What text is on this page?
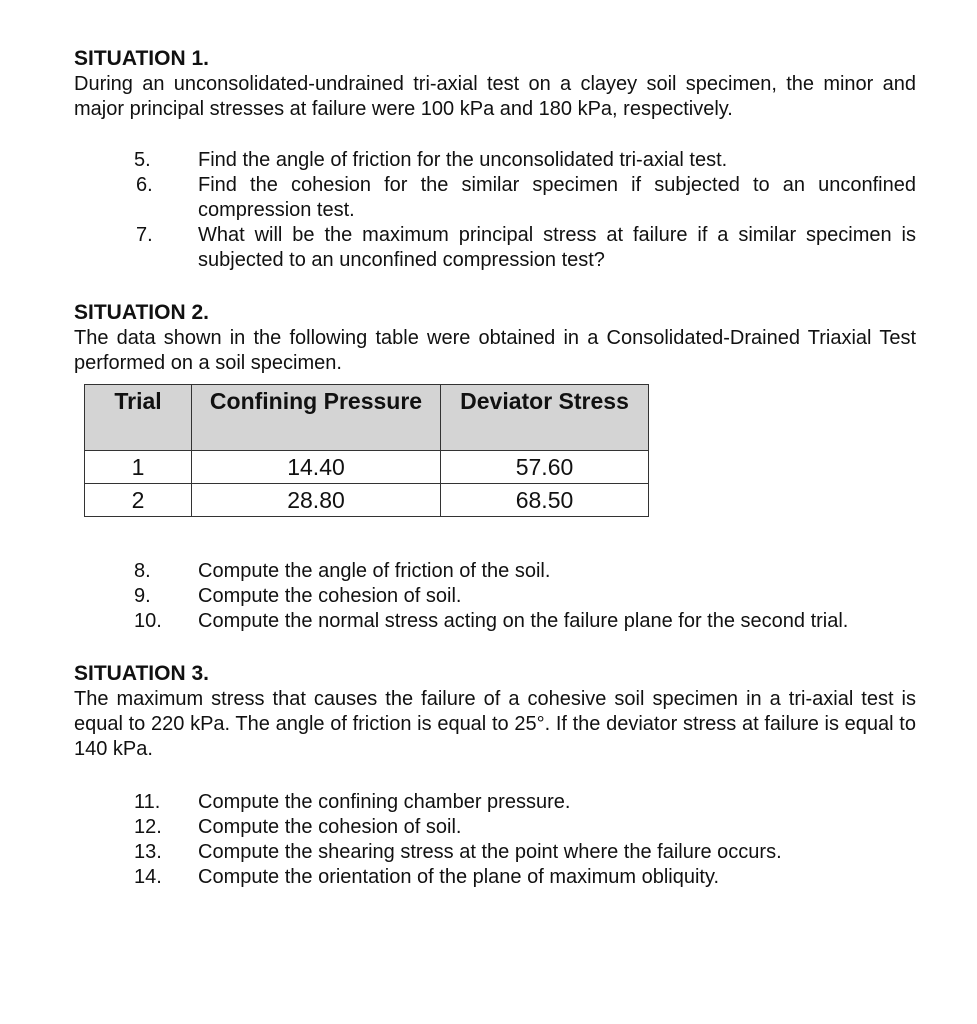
SITUATION 1.

During an unconsolidated-undrained tri-axial test on a clayey soil specimen, the minor and major principal stresses at failure were 100 kPa and 180 kPa, respectively.

5.	Find the angle of friction for the unconsolidated tri-axial test.
6.	Find the cohesion for the similar specimen if subjected to an unconfined compression test.
7.	What will be the maximum principal stress at failure if a similar specimen is subjected to an unconfined compression test?

SITUATION 2.

The data shown in the following table were obtained in a Consolidated-Drained Triaxial Test performed on a soil specimen.

Trial	Confining Pressure	Deviator Stress
1	14.40	57.60
2	28.80	68.50
8.	Compute the angle of friction of the soil.
9.	Compute the cohesion of soil.
10.	Compute the normal stress acting on the failure plane for the second trial.

SITUATION 3.

The maximum stress that causes the failure of a cohesive soil specimen in a tri-axial test is equal to 220 kPa. The angle of friction is equal to 25°. If the deviator stress at failure is equal to 140 kPa.

11.	Compute the confining chamber pressure.
12.	Compute the cohesion of soil.
13.	Compute the shearing stress at the point where the failure occurs.
14.	Compute the orientation of the plane of maximum obliquity.
